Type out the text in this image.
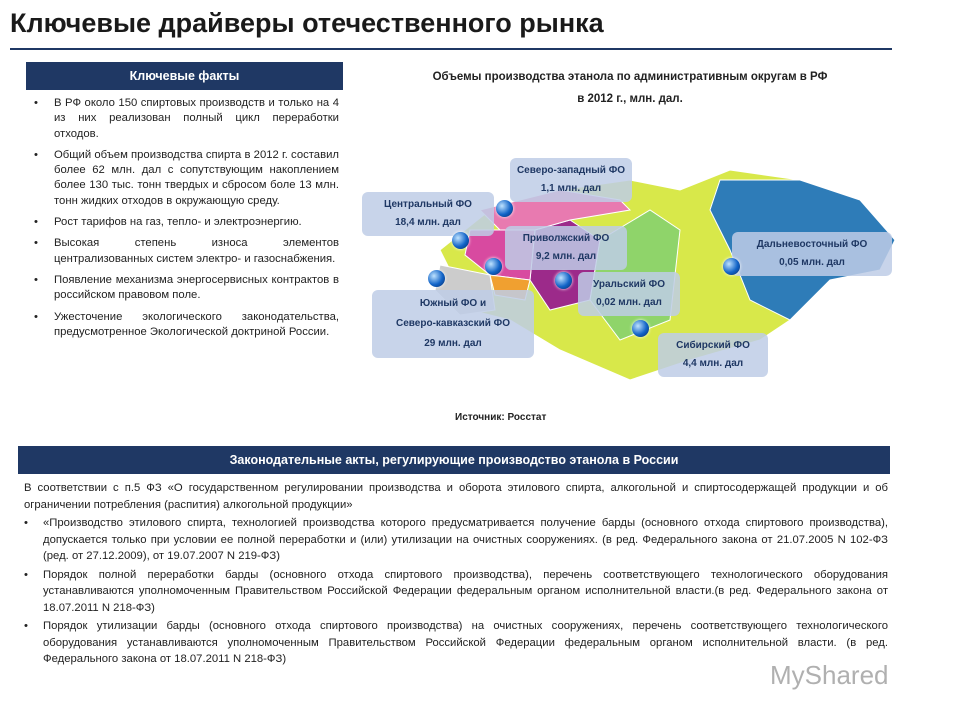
Ключевые драйверы отечественного рынка
Ключевые факты
• В РФ около 150 спиртовых производств и только на 4 из них реализован полный цикл переработки отходов.
• Общий объем производства спирта в 2012 г. составил более 62 млн. дал с сопутствующим накоплением более 130 тыс. тонн твердых и сбросом боле 13 млн. тонн жидких отходов в окружающую среду.
• Рост тарифов на газ, тепло- и электроэнергию.
• Высокая степень износа элементов централизованных систем электро- и газоснабжения.
• Появление механизма энергосервисных контрактов в российском правовом поле.
• Ужесточение экологического законодательства, предусмотренное Экологической доктриной России.
Объемы производства этанола по административным округам в РФ
в 2012 г., млн. дал.
Северо-западный ФО
1,1 млн. дал
Центральный ФО
18,4 млн. дал
Приволжский ФО
9,2 млн. дал
Дальневосточный ФО
0,05 млн. дал
Уральский ФО
0,02 млн. дал
Южный ФО и
Северо-кавказский ФО
29 млн. дал	Сибирский ФО
4,4 млн. дал
Источник: Росстат
Законодательные акты, регулирующие производство этанола в России
В соответствии с п.5 ФЗ «О государственном регулировании производства и оборота этилового спирта, алкогольной и спиртосодержащей продукции и об ограничении потребления (распития) алкогольной продукции»
• «Производство этилового спирта, технологией производства которого предусматривается получение барды (основного отхода спиртового производства), допускается только при условии ее полной переработки и (или) утилизации на очистных сооружениях. (в ред. Федерального закона от 21.07.2005 N 102-ФЗ (ред. от 27.12.2009), от 19.07.2007 N 219-ФЗ)
• Порядок полной переработки барды (основного отхода спиртового производства), перечень соответствующего технологического оборудования устанавливаются уполномоченным Правительством Российской Федерации федеральным органом исполнительной власти.(в ред. Федерального закона от 18.07.2011 N 218-ФЗ)
• Порядок утилизации барды (основного отхода спиртового производства) на очистных сооружениях, перечень соответствующего технологического оборудования устанавливаются уполномоченным Правительством Российской Федерации федеральным органом исполнительной власти. (в ред. Федерального закона от 18.07.2011 N 218-ФЗ)
MyShared
